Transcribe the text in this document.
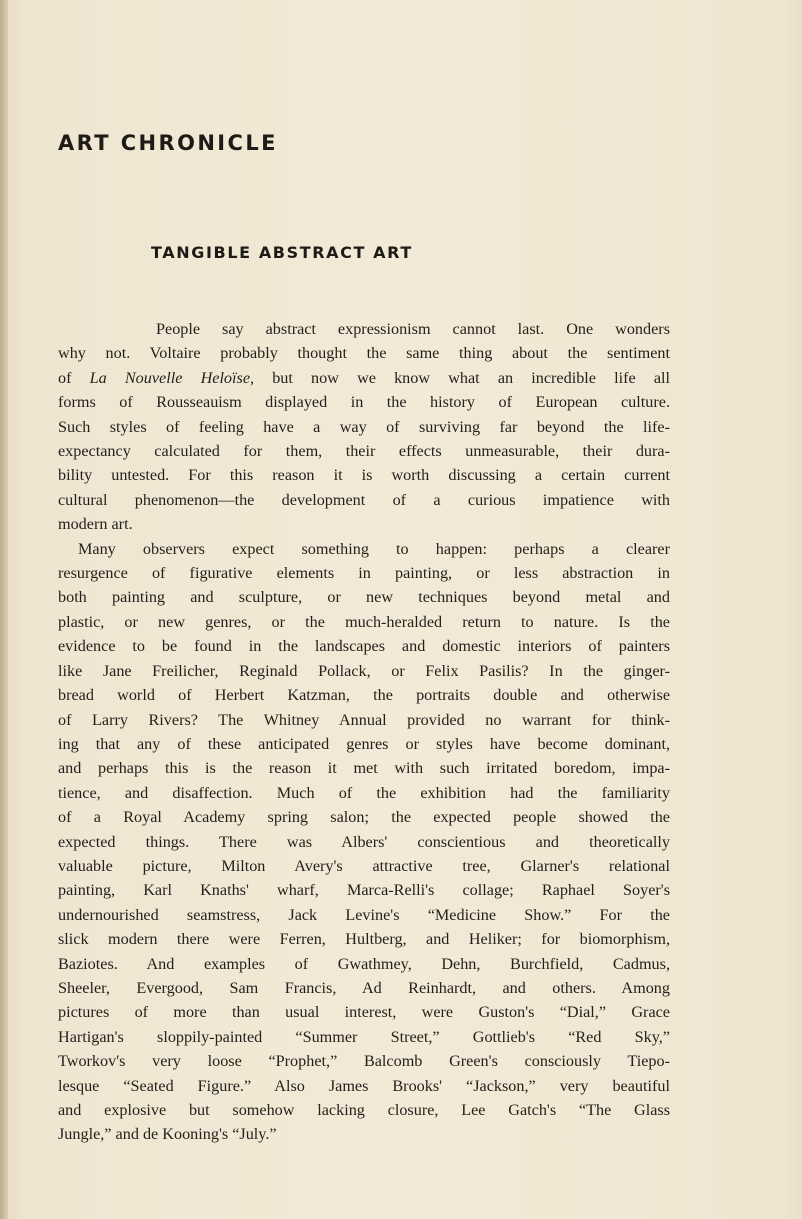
ART CHRONICLE
TANGIBLE ABSTRACT ART

People say abstract expressionism cannot last. One wonders
why not. Voltaire probably thought the same thing about the sentiment
of La Nouvelle Heloïse, but now we know what an incredible life all
forms of Rousseauism displayed in the history of European culture.
Such styles of feeling have a way of surviving far beyond the life-
expectancy calculated for them, their effects unmeasurable, their dura-
bility untested. For this reason it is worth discussing a certain current
cultural phenomenon—the development of a curious impatience with
modern art.

Many observers expect something to happen: perhaps a clearer
resurgence of figurative elements in painting, or less abstraction in
both painting and sculpture, or new techniques beyond metal and
plastic, or new genres, or the much-heralded return to nature. Is the
evidence to be found in the landscapes and domestic interiors of painters
like Jane Freilicher, Reginald Pollack, or Felix Pasilis? In the ginger-
bread world of Herbert Katzman, the portraits double and otherwise
of Larry Rivers? The Whitney Annual provided no warrant for think-
ing that any of these anticipated genres or styles have become dominant,
and perhaps this is the reason it met with such irritated boredom, impa-
tience, and disaffection. Much of the exhibition had the familiarity
of a Royal Academy spring salon; the expected people showed the
expected things. There was Albers' conscientious and theoretically
valuable picture, Milton Avery's attractive tree, Glarner's relational
painting, Karl Knaths' wharf, Marca-Relli's collage; Raphael Soyer's
undernourished seamstress, Jack Levine's “Medicine Show.” For the
slick modern there were Ferren, Hultberg, and Heliker; for biomorphism,
Baziotes. And examples of Gwathmey, Dehn, Burchfield, Cadmus,
Sheeler, Evergood, Sam Francis, Ad Reinhardt, and others. Among
pictures of more than usual interest, were Guston's “Dial,” Grace
Hartigan's sloppily-painted “Summer Street,” Gottlieb's “Red Sky,”
Tworkov's very loose “Prophet,” Balcomb Green's consciously Tiepo-
lesque “Seated Figure.” Also James Brooks' “Jackson,” very beautiful
and explosive but somehow lacking closure, Lee Gatch's “The Glass
Jungle,” and de Kooning's “July.”
